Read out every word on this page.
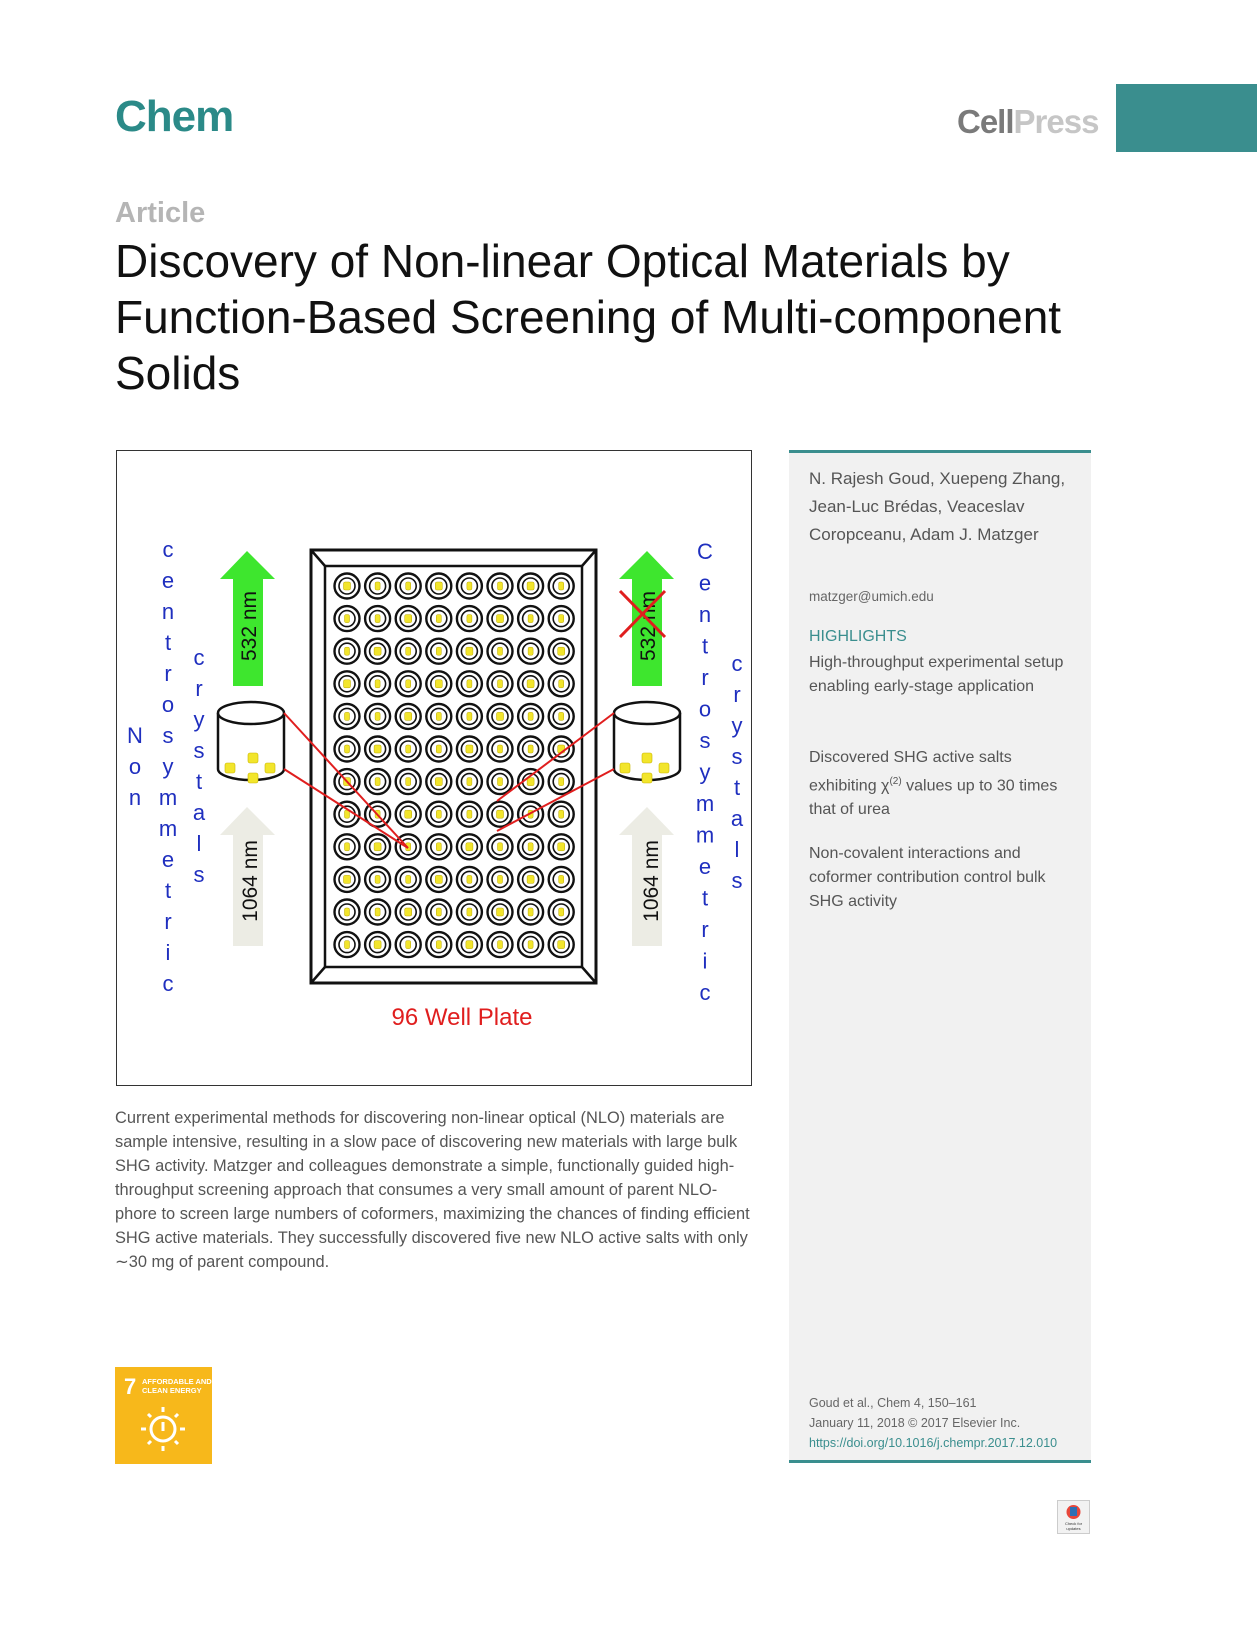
Chem	CellPress
Article
Discovery of Non-linear Optical Materials by Function-Based Screening of Multi-component Solids
N o n
c e n t r o s y m m e t r i c
c r y s t a l s
C e n t r o s y m m e t r i c
c r y s t a l s
532 nm	532 nm
1064 nm	1064 nm
96 Well Plate

Current experimental methods for discovering non-linear optical (NLO) materials are sample intensive, resulting in a slow pace of discovering new materials with large bulk SHG activity. Matzger and colleagues demonstrate a simple, functionally guided high-throughput screening approach that consumes a very small amount of parent NLO-phore to screen large numbers of coformers, maximizing the chances of finding efficient SHG active materials. They successfully discovered five new NLO active salts with only ∼30 mg of parent compound.

N. Rajesh Goud, Xuepeng Zhang, Jean-Luc Brédas, Veaceslav Coropceanu, Adam J. Matzger
matzger@umich.edu
HIGHLIGHTS
High-throughput experimental setup enabling early-stage application
Discovered SHG active salts exhibiting $\chi^{(2)}$ values up to 30 times that of urea
Non-covalent interactions and coformer contribution control bulk SHG activity
Goud et al., Chem 4, 150–161
January 11, 2018 © 2017 Elsevier Inc.
https://doi.org/10.1016/j.chempr.2017.12.010
7 AFFORDABLE AND
CLEAN ENERGY
Check for
updates
